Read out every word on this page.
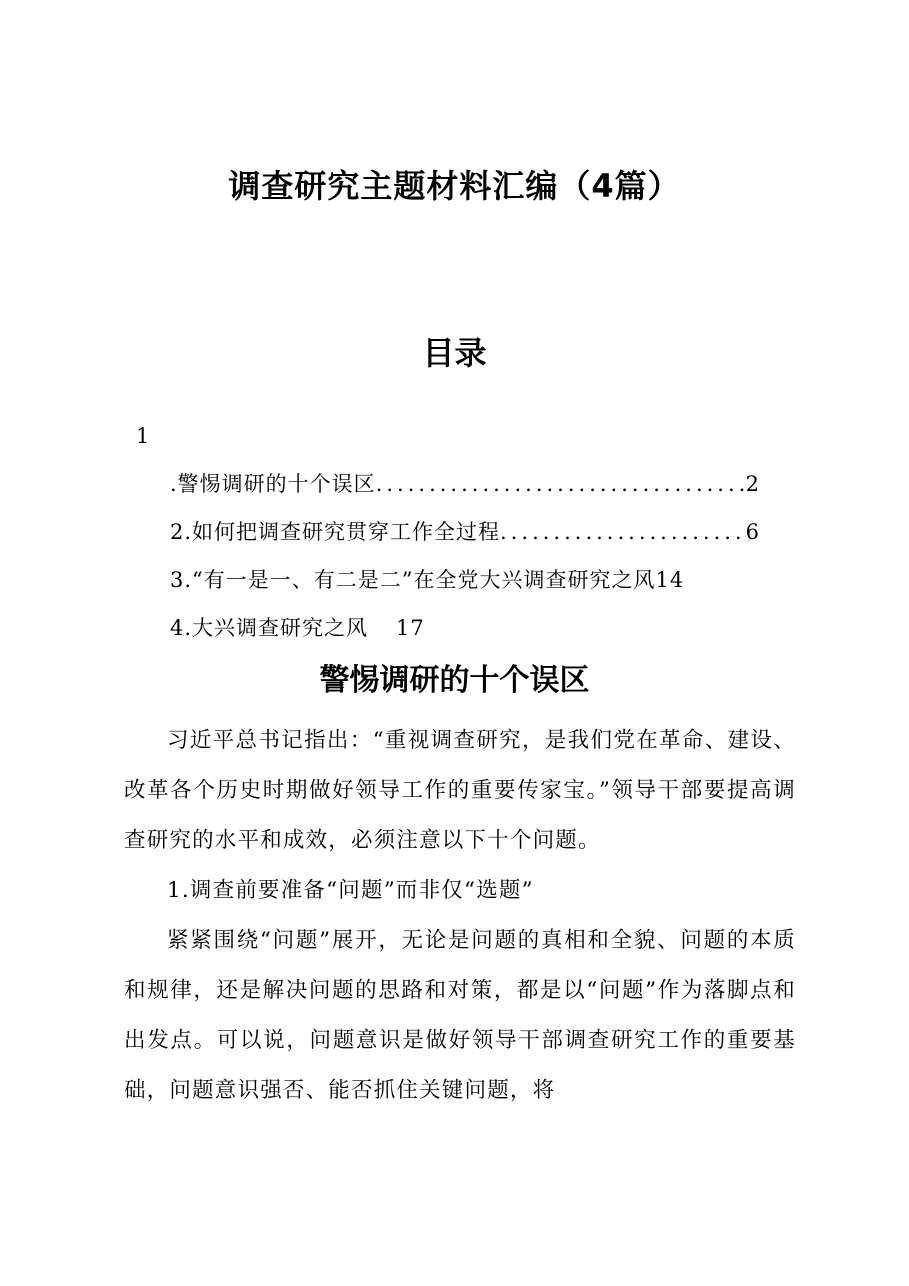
调查研究主题材料汇编（4篇）
目录
1
.警惕调研的十个误区 .....	2
2.如何把调查研究贯穿工作全过程 .....	6
3.“有一是一、有二是二”在全党大兴调查研究之风 14
4.大兴调查研究之风 17
警惕调研的十个误区

习近平总书记指出：“重视调查研究，是我们党在革命、建设、改革各个历史时期做好领导工作的重要传家宝。”领导干部要提高调查研究的水平和成效，必须注意以下十个问题。

1.调查前要准备“问题”而非仅“选题”

紧紧围绕“问题”展开，无论是问题的真相和全貌、问题的本质和规律，还是解决问题的思路和对策，都是以“问题”作为落脚点和出发点。可以说，问题意识是做好领导干部调查研究工作的重要基础，问题意识强否、能否抓住关键问题，将
